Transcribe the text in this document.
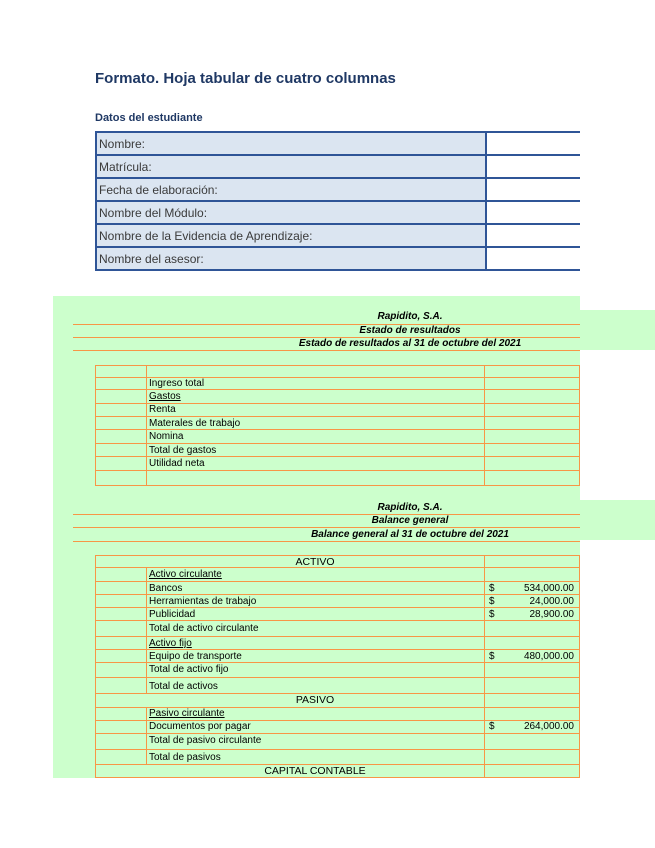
Formato. Hoja tabular de cuatro columnas
Datos del estudiante
Nombre:	
Matrícula:	
Fecha de elaboración:	
Nombre del Módulo:	
Nombre de la Evidencia de Aprendizaje:	
Nombre del asesor:	
Rapidito, S.A.
Estado de resultados
Estado de resultados al 31 de octubre del 2021
Ingreso total
Gastos
Renta
Materales de trabajo
Nomina
Total de gastos
Utilidad neta
Rapidito, S.A.
Balance general
Balance general al 31 de octubre del 2021
ACTIVO
Activo circulante
Bancos	$	534,000.00
Herramientas de trabajo	$	24,000.00
Publicidad	$	28,900.00
Total de activo circulante
Activo fijo
Equipo de transporte	$	480,000.00
Total de activo fijo
Total de activos
PASIVO
Pasivo circulante
Documentos por pagar	$	264,000.00
Total de pasivo circulante
Total de pasivos
CAPITAL CONTABLE
